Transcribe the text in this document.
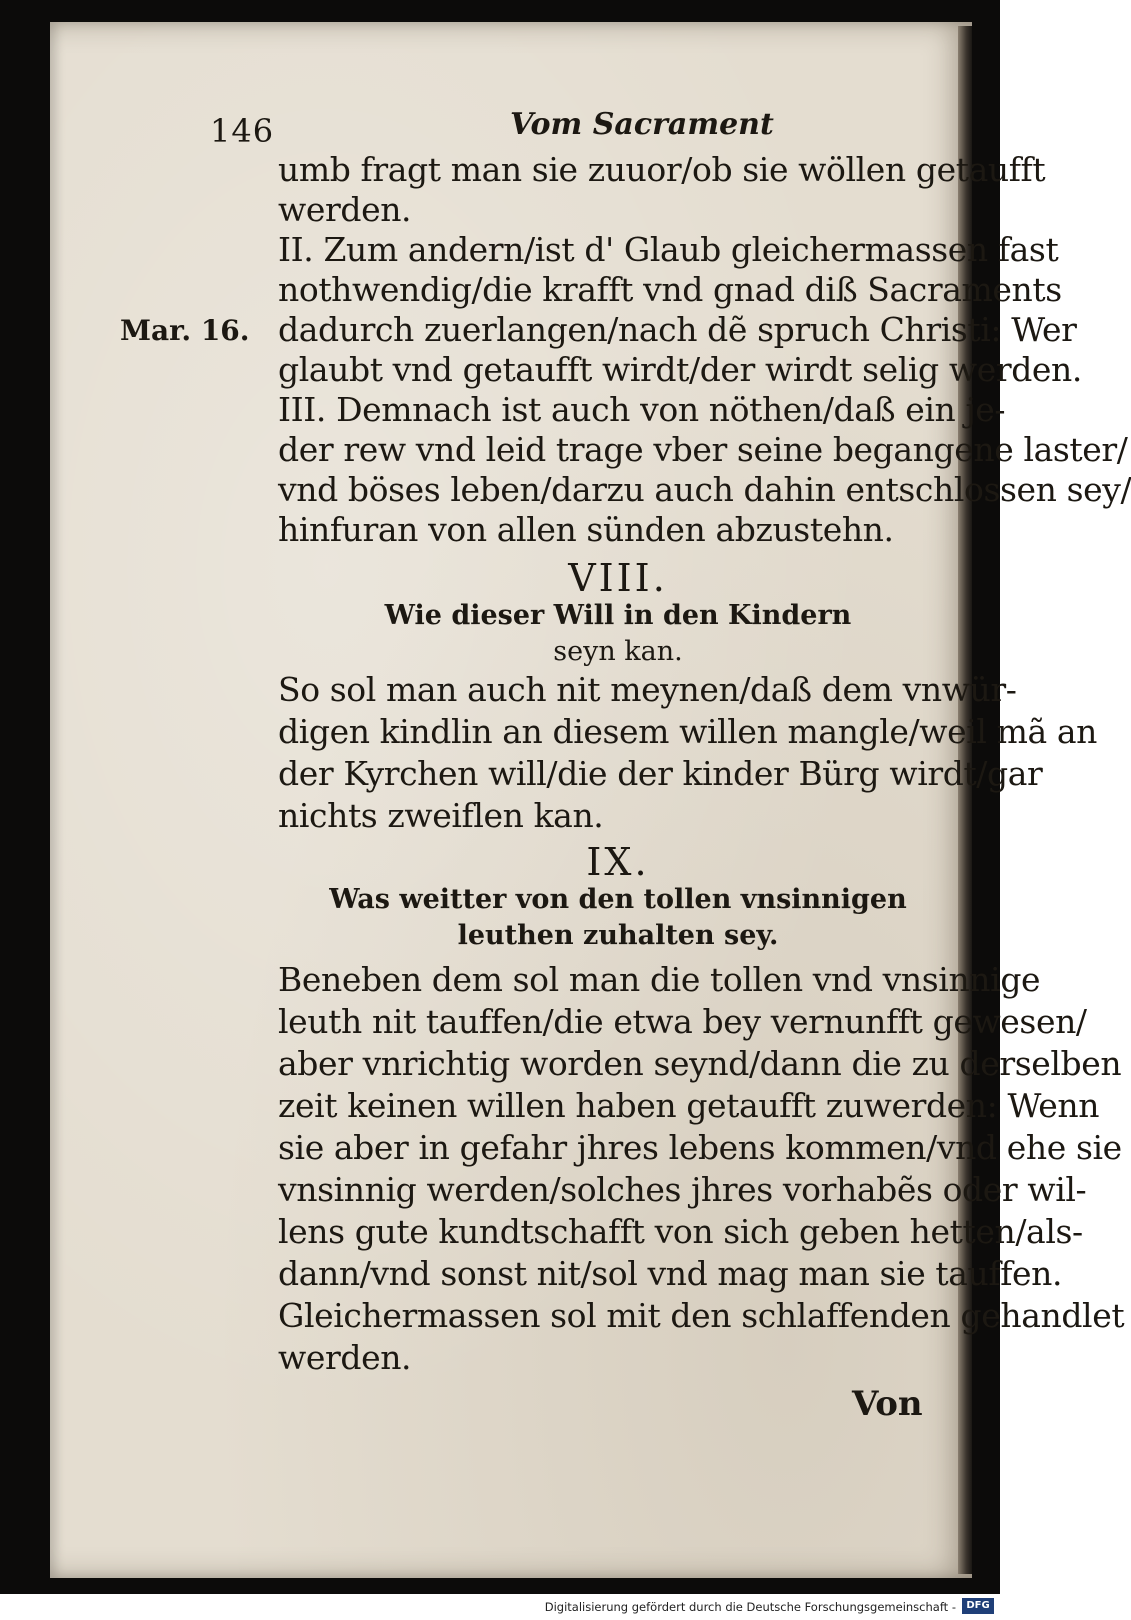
146	Vom Sacrament
umb fragt man sie zuuor/ob sie wöllen getaufft
werden.
II. Zum andern/ist d' Glaub gleichermassen fast
nothwendig/die krafft vnd gnad diß Sacraments
Mar. 16. dadurch zuerlangen/nach dẽ spruch Christi: Wer
glaubt vnd getaufft wirdt/der wirdt selig werden.
III. Demnach ist auch von nöthen/daß ein je-
der rew vnd leid trage vber seine begangene laster/
vnd böses leben/darzu auch dahin entschlossen sey/
hinfuran von allen sünden abzustehn.
VIII.
Wie dieser Will in den Kindern
seyn kan.
So sol man auch nit meynen/daß dem vnwür-
digen kindlin an diesem willen mangle/weil mã an
der Kyrchen will/die der kinder Bürg wirdt/gar
nichts zweiflen kan.
IX.
Was weitter von den tollen vnsinnigen
leuthen zuhalten sey.
Beneben dem sol man die tollen vnd vnsinnige
leuth nit tauffen/die etwa bey vernunfft gewesen/
aber vnrichtig worden seynd/dann die zu derselben
zeit keinen willen haben getaufft zuwerden: Wenn
sie aber in gefahr jhres lebens kommen/vnd ehe sie
vnsinnig werden/solches jhres vorhabẽs oder wil-
lens gute kundtschafft von sich geben hetten/als-
dann/vnd sonst nit/sol vnd mag man sie tauffen.
Gleichermassen sol mit den schlaffenden gehandlet
werden.
Von
Digitalisierung gefördert durch die Deutsche Forschungsgemeinschaft -	DFG
